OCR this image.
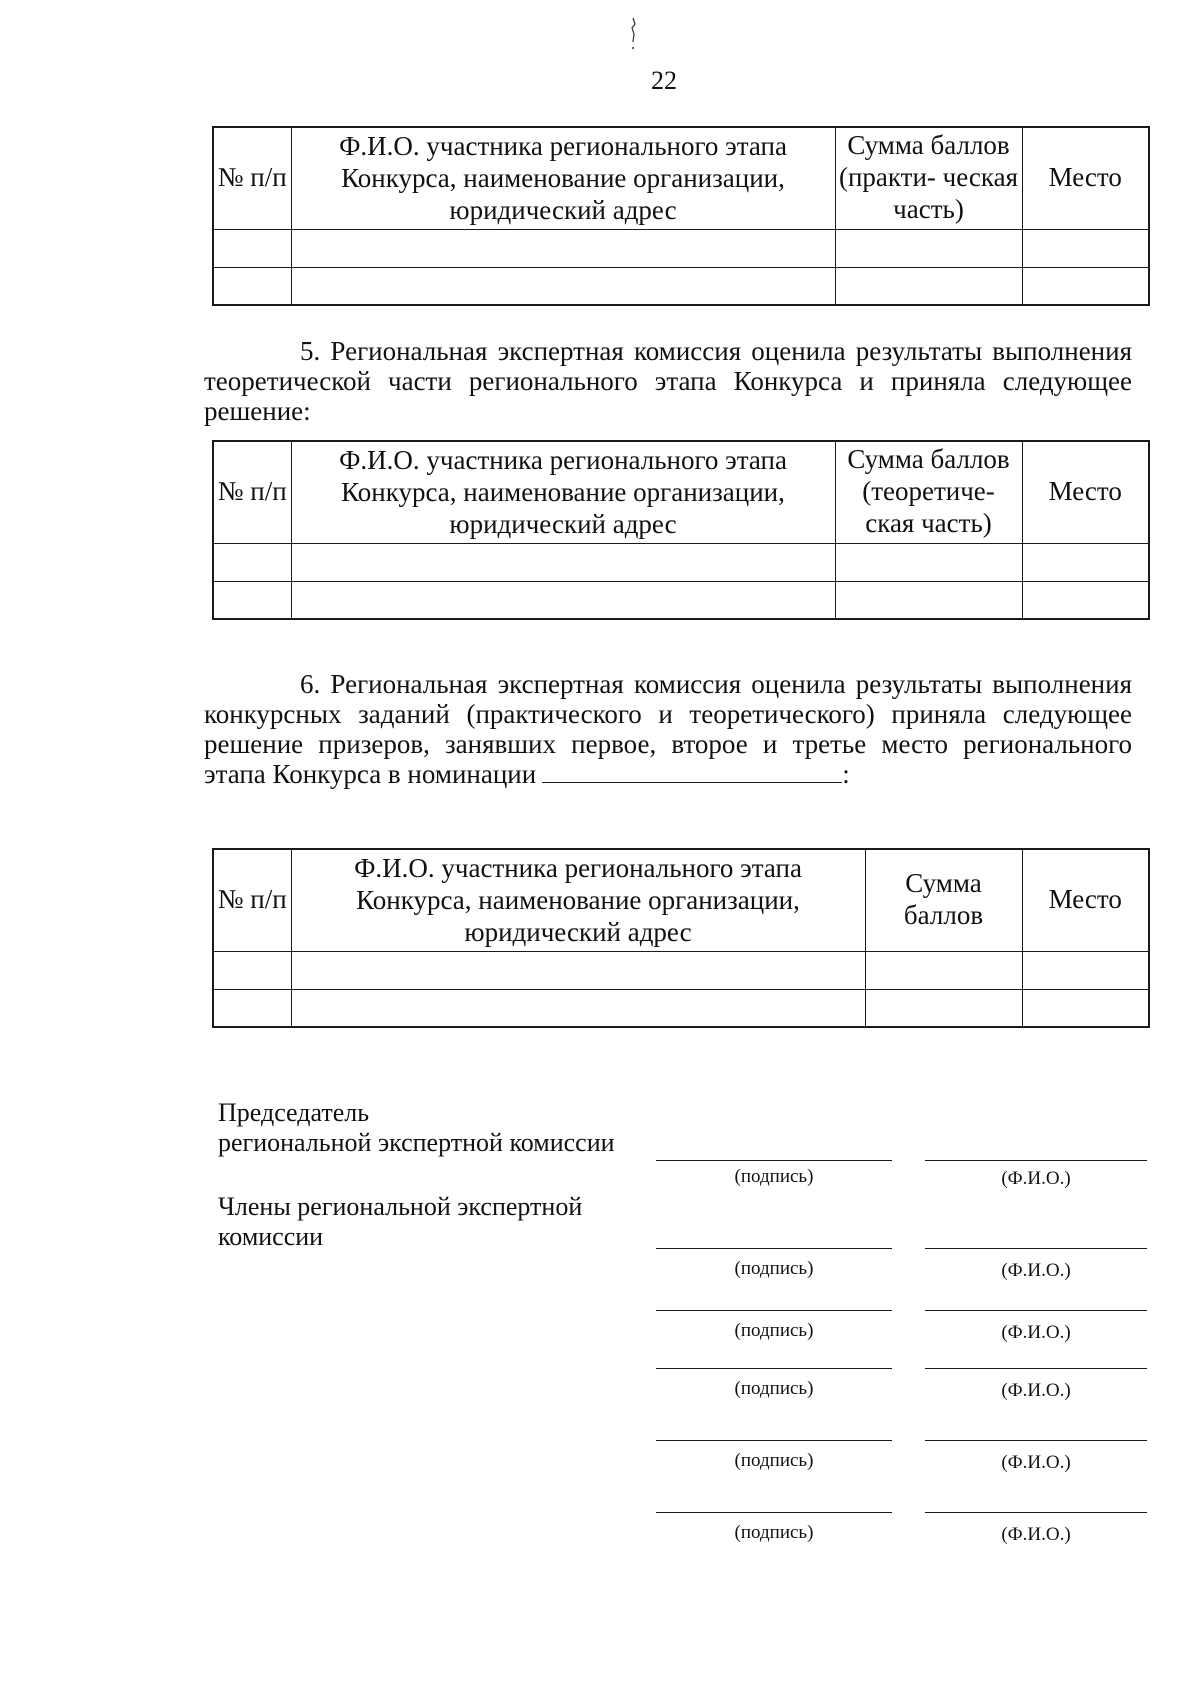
22
№ п/п	Ф.И.О. участника регионального этапа Конкурса, наименование организации, юридический адрес	Сумма баллов (практи- ческая часть)	Место

5. Региональная экспертная комиссия оценила результаты выполнения теоретической части регионального этапа Конкурса и приняла следующее решение:
№ п/п	Ф.И.О. участника регионального этапа Конкурса, наименование организации, юридический адрес	Сумма баллов (теоретиче- ская часть)	Место

6. Региональная экспертная комиссия оценила результаты выполнения конкурсных заданий (практического и теоретического) приняла следующее решение призеров, занявших первое, второе и третье место регионального этапа Конкурса в номинации	:
№ п/п	Ф.И.О. участника регионального этапа Конкурса, наименование организации, юридический адрес	Сумма баллов	Место

Председатель
региональной экспертной комиссии
Члены региональной экспертной
комиссии
(подпись)	(Ф.И.О.)
(подпись)	(Ф.И.О.)
(подпись)	(Ф.И.О.)
(подпись)	(Ф.И.О.)
(подпись)	(Ф.И.О.)
(подпись)	(Ф.И.О.)
